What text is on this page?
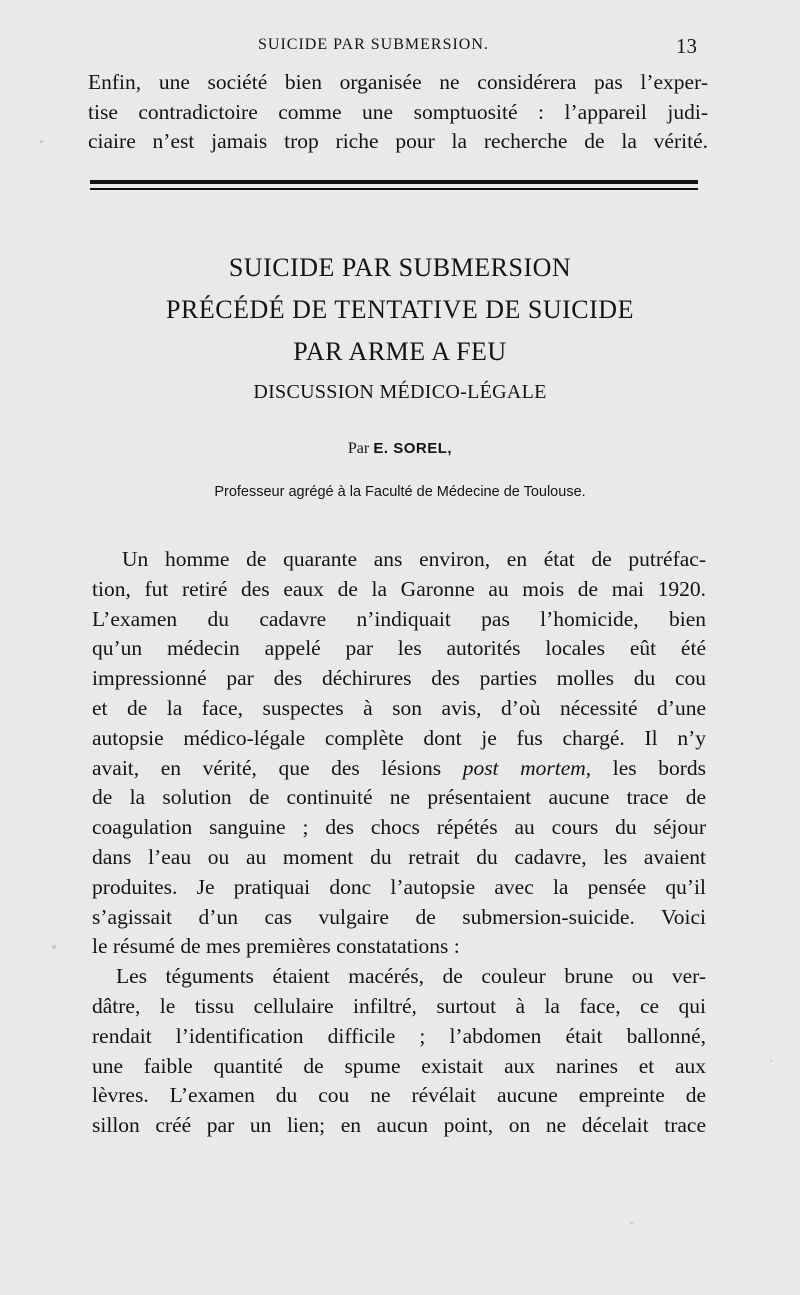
SUICIDE PAR SUBMERSION.	13
Enfin, une société bien organisée ne considérera pas l’exper-
tise contradictoire comme une somptuosité : l’appareil judi-
ciaire n’est jamais trop riche pour la recherche de la vérité.
SUICIDE PAR SUBMERSION
PRÉCÉDÉ DE TENTATIVE DE SUICIDE
PAR ARME A FEU
DISCUSSION MÉDICO-LÉGALE
Par E. SOREL,
Professeur agrégé à la Faculté de Médecine de Toulouse.
Un homme de quarante ans environ, en état de putréfac-
tion, fut retiré des eaux de la Garonne au mois de mai 1920.
L’examen du cadavre n’indiquait pas l’homicide, bien
qu’un médecin appelé par les autorités locales eût été
impressionné par des déchirures des parties molles du cou
et de la face, suspectes à son avis, d’où nécessité d’une
autopsie médico-légale complète dont je fus chargé. Il n’y
avait, en vérité, que des lésions post mortem, les bords
de la solution de continuité ne présentaient aucune trace de
coagulation sanguine ; des chocs répétés au cours du séjour
dans l’eau ou au moment du retrait du cadavre, les avaient
produites. Je pratiquai donc l’autopsie avec la pensée qu’il
s’agissait d’un cas vulgaire de submersion-suicide. Voici
le résumé de mes premières constatations :
Les téguments étaient macérés, de couleur brune ou ver-
dâtre, le tissu cellulaire infiltré, surtout à la face, ce qui
rendait l’identification difficile ; l’abdomen était ballonné,
une faible quantité de spume existait aux narines et aux
lèvres. L’examen du cou ne révélait aucune empreinte de
sillon créé par un lien; en aucun point, on ne décelait trace
